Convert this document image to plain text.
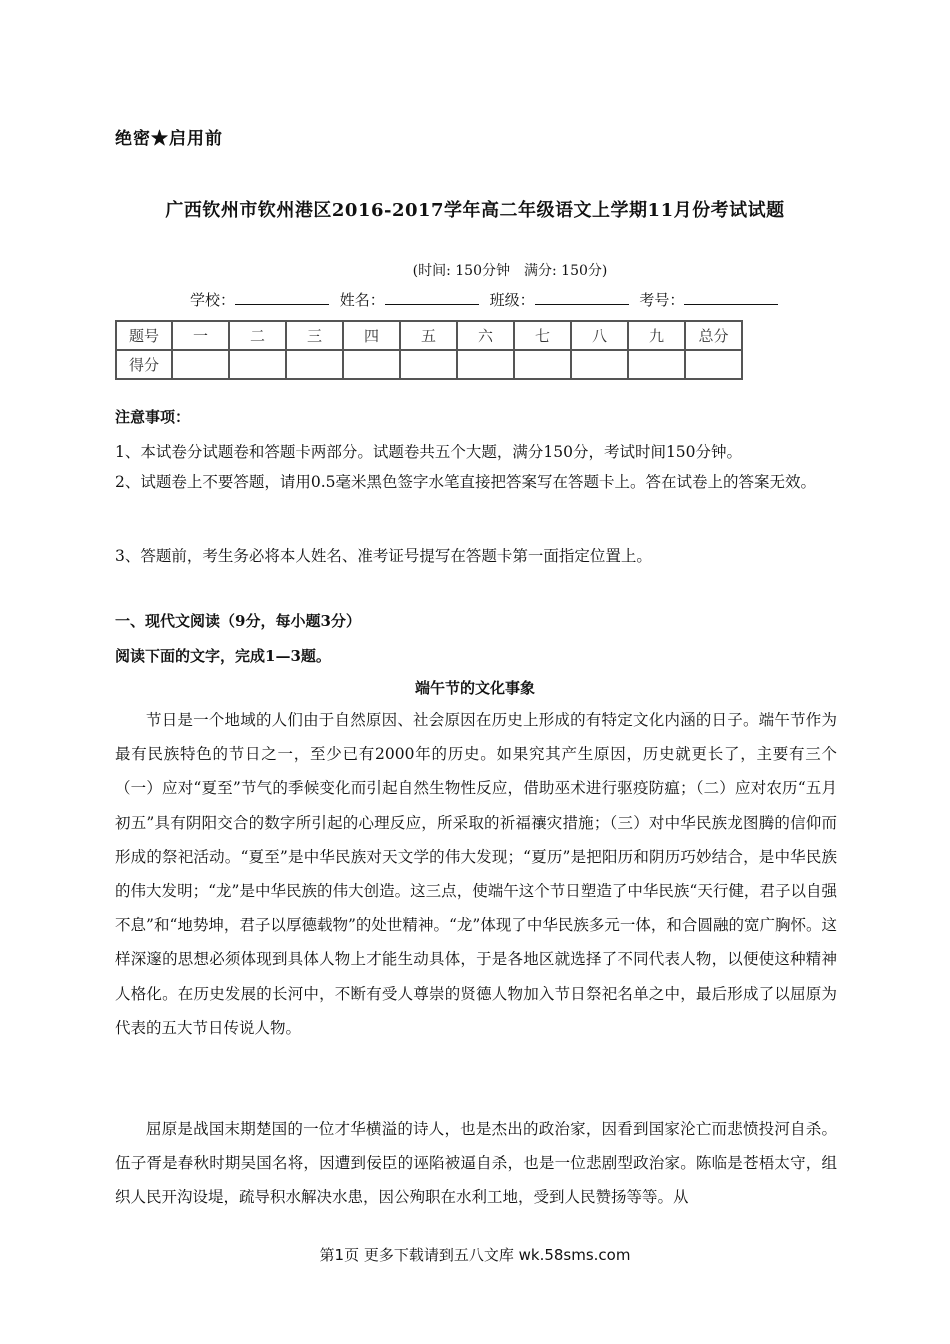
绝密★启用前
广西钦州市钦州港区2016-2017学年高二年级语文上学期11月份考试试题
(时间: 150分钟　满分: 150分)
学校：	姓名：	班级：	考号：
题号	一	二	三	四	五	六	七	八	九	总分
得分										
注意事项：
1、本试卷分试题卷和答题卡两部分。试题卷共五个大题，满分150分，考试时间150分钟。
2、试题卷上不要答题，请用0.5毫米黑色签字水笔直接把答案写在答题卡上。答在试卷上的答案无效。
3、答题前，考生务必将本人姓名、准考证号提写在答题卡第一面指定位置上。
一、现代文阅读（9分，每小题3分）
阅读下面的文字，完成1—3题。
端午节的文化事象
节日是一个地域的人们由于自然原因、社会原因在历史上形成的有特定文化内涵的日子。端午节作为最有民族特色的节日之一，至少已有2000年的历史。如果究其产生原因，历史就更长了，主要有三个（一）应对“夏至”节气的季候变化而引起自然生物性反应，借助巫术进行驱疫防瘟；（二）应对农历“五月初五”具有阴阳交合的数字所引起的心理反应，所采取的祈福禳灾措施；（三）对中华民族龙图腾的信仰而形成的祭祀活动。“夏至”是中华民族对天文学的伟大发现；“夏历”是把阳历和阴历巧妙结合，是中华民族的伟大发明；“龙”是中华民族的伟大创造。这三点，使端午这个节日塑造了中华民族“天行健，君子以自强不息”和“地势坤，君子以厚德载物”的处世精神。“龙”体现了中华民族多元一体，和合圆融的宽广胸怀。这样深邃的思想必须体现到具体人物上才能生动具体，于是各地区就选择了不同代表人物，以便使这种精神人格化。在历史发展的长河中，不断有受人尊崇的贤德人物加入节日祭祀名单之中，最后形成了以屈原为代表的五大节日传说人物。
屈原是战国末期楚国的一位才华横溢的诗人，也是杰出的政治家，因看到国家沦亡而悲愤投河自杀。伍子胥是春秋时期吴国名将，因遭到佞臣的诬陷被逼自杀，也是一位悲剧型政治家。陈临是苍梧太守，组织人民开沟设堤，疏导积水解决水患，因公殉职在水利工地，受到人民赞扬等等。从
第1页 更多下载请到五八文库 wk.58sms.com
